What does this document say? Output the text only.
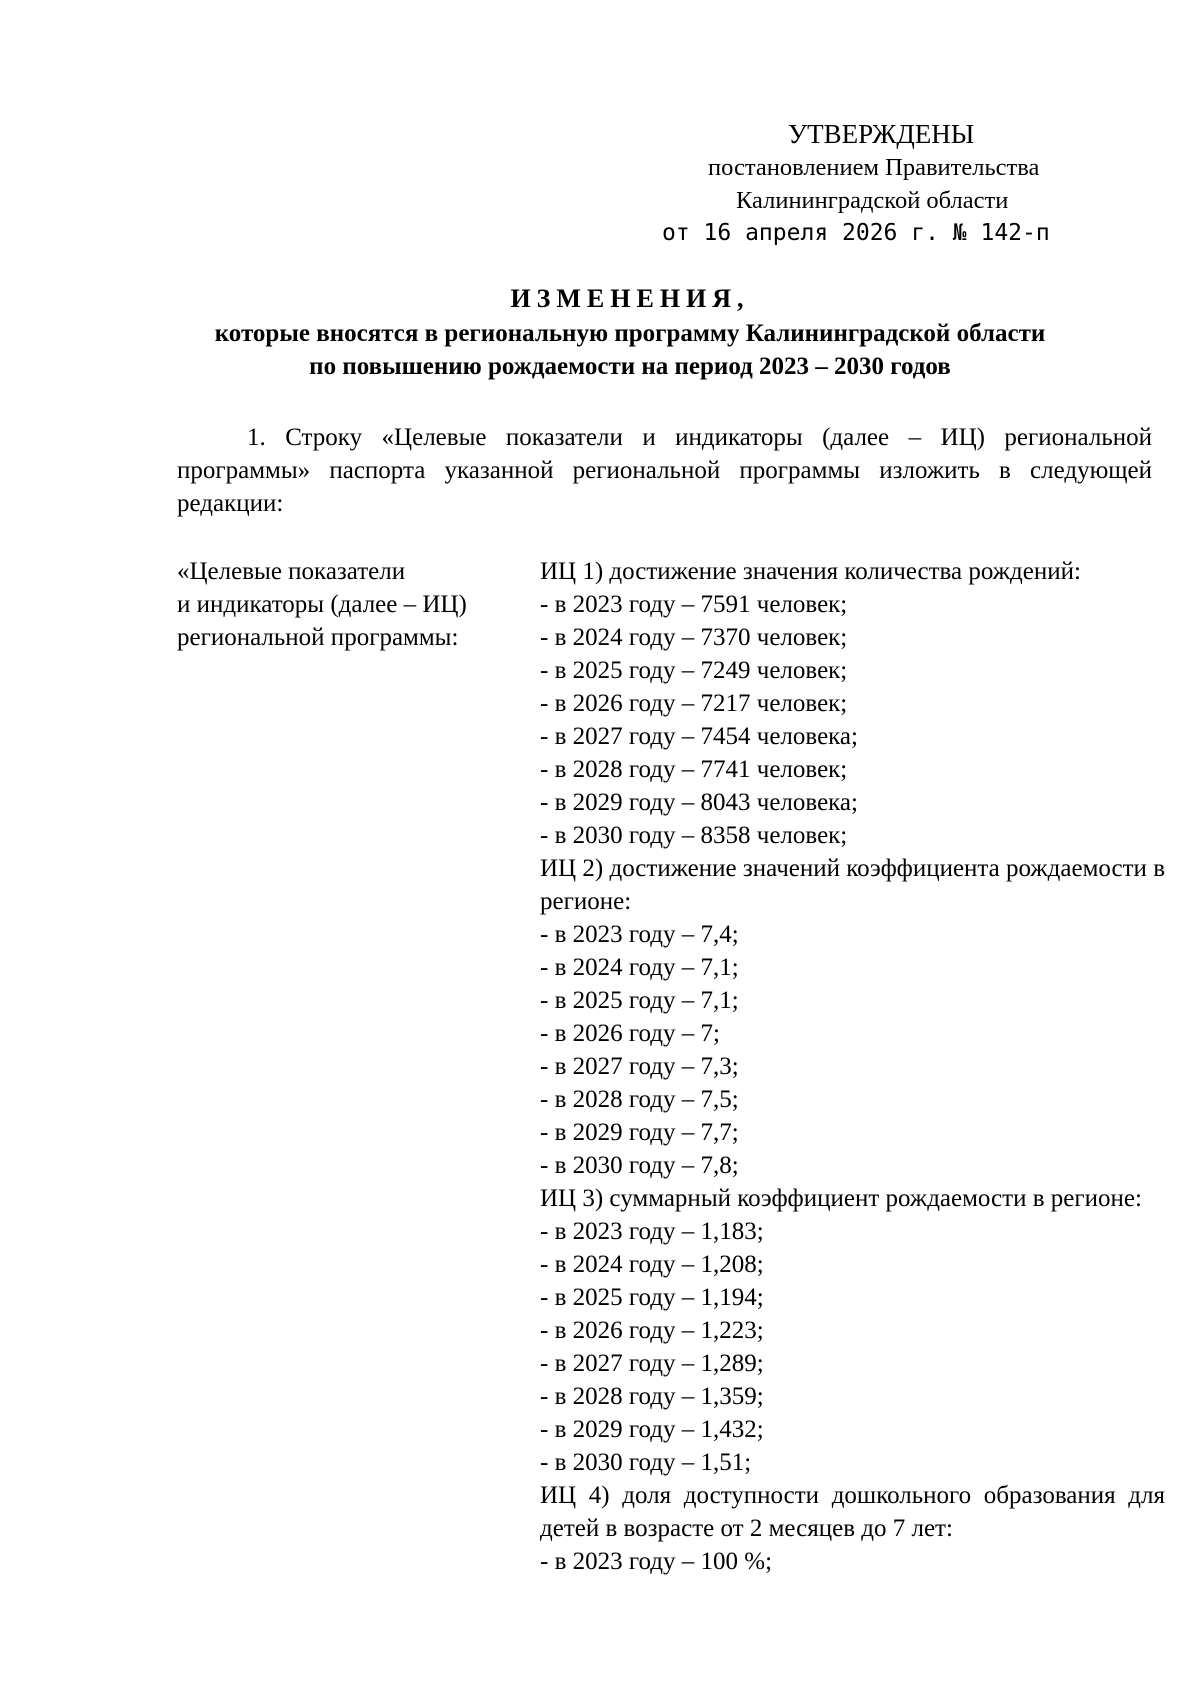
УТВЕРЖДЕНЫ
постановлением Правительства
Калининградской области
от 16 апреля 2026 г. № 142-п
ИЗМЕНЕНИЯ,
которые вносятся в региональную программу Калининградской области
по повышению рождаемости на период 2023 – 2030 годов

1. Строку «Целевые показатели и индикаторы (далее – ИЦ) региональной программы» паспорта указанной региональной программы изложить в следующей редакции:

«Целевые показатели
и индикаторы (далее – ИЦ)
региональной программы:
ИЦ 1) достижение значения количества рождений:
- в 2023 году – 7591 человек;
- в 2024 году – 7370 человек;
- в 2025 году – 7249 человек;
- в 2026 году – 7217 человек;
- в 2027 году – 7454 человека;
- в 2028 году – 7741 человек;
- в 2029 году – 8043 человека;
- в 2030 году – 8358 человек;
ИЦ 2) достижение значений коэффициента рождаемости в регионе:
- в 2023 году – 7,4;
- в 2024 году – 7,1;
- в 2025 году – 7,1;
- в 2026 году – 7;
- в 2027 году – 7,3;
- в 2028 году – 7,5;
- в 2029 году – 7,7;
- в 2030 году – 7,8;
ИЦ 3) суммарный коэффициент рождаемости в регионе:
- в 2023 году – 1,183;
- в 2024 году – 1,208;
- в 2025 году – 1,194;
- в 2026 году – 1,223;
- в 2027 году – 1,289;
- в 2028 году – 1,359;
- в 2029 году – 1,432;
- в 2030 году – 1,51;
ИЦ 4) доля доступности дошкольного образования для детей в возрасте от 2 месяцев до 7 лет:
- в 2023 году – 100 %;
